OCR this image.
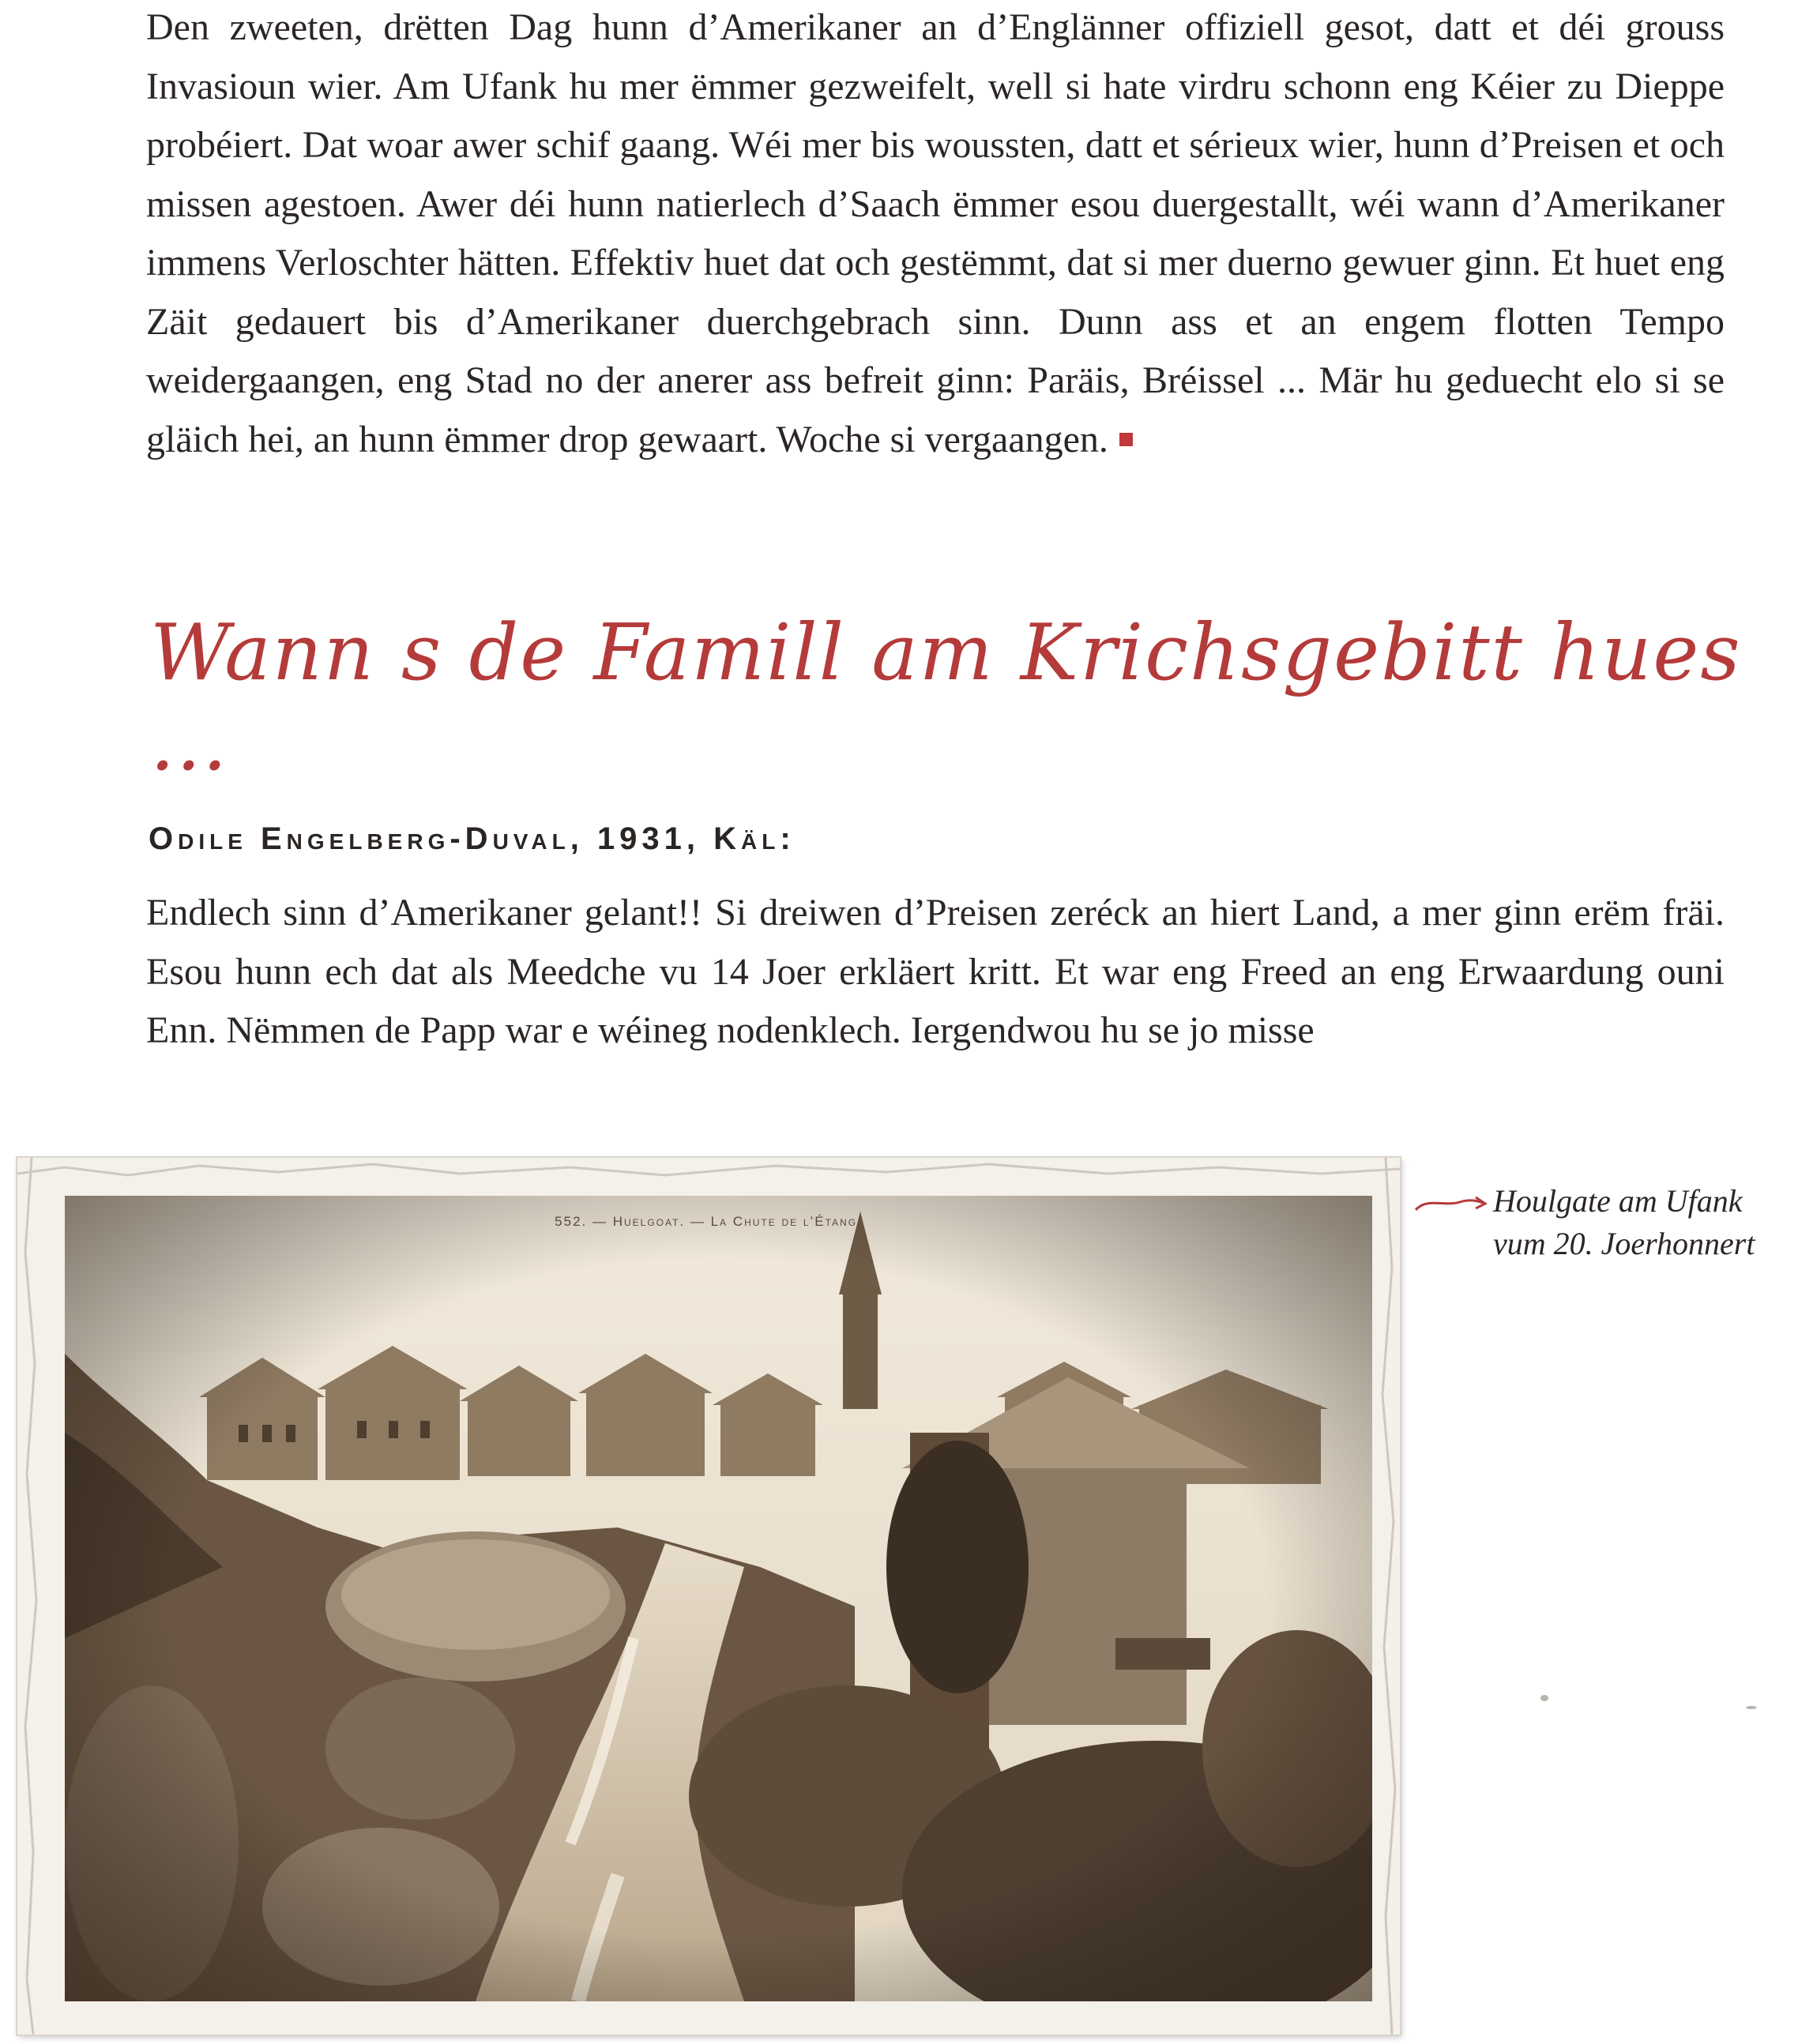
Den zweeten, drëtten Dag hunn d’Amerikaner an d’Englänner offiziell gesot, datt et déi grouss Invasioun wier. Am Ufank hu mer ëmmer gezweifelt, well si hate virdru schonn eng Kéier zu Dieppe probéiert. Dat woar awer schif gaang. Wéi mer bis woussten, datt et sérieux wier, hunn d’Preisen et och missen agestoen. Awer déi hunn natierlech d’Saach ëmmer esou duergestallt, wéi wann d’Amerikaner immens Verloschter hätten. Effektiv huet dat och gestëmmt, dat si mer duerno gewuer ginn. Et huet eng Zäit gedauert bis d’Amerikaner duerchgebrach sinn. Dunn ass et an engem flotten Tempo weidergaangen, eng Stad no der anerer ass befreit ginn: Paräis, Bréissel ... Mär hu geduecht elo si se gläich hei, an hunn ëmmer drop gewaart. Woche si vergaangen.

Wann s de Famill am Krichsgebitt hues ...
Odile Engelberg-Duval, 1931, Käl:

Endlech sinn d’Amerikaner gelant!! Si dreiwen d’Preisen zeréck an hiert Land, a mer ginn erëm fräi. Esou hunn ech dat als Meedche vu 14 Joer erkläert kritt. Et war eng Freed an eng Erwaardung ouni Enn. Nëmmen de Papp war e wéineg nodenklech. Iergendwou hu se jo misse

552. — Huelgoat. — La Chute de l’Étang.

Houlgate am Ufank
vum 20. Joerhonnert
